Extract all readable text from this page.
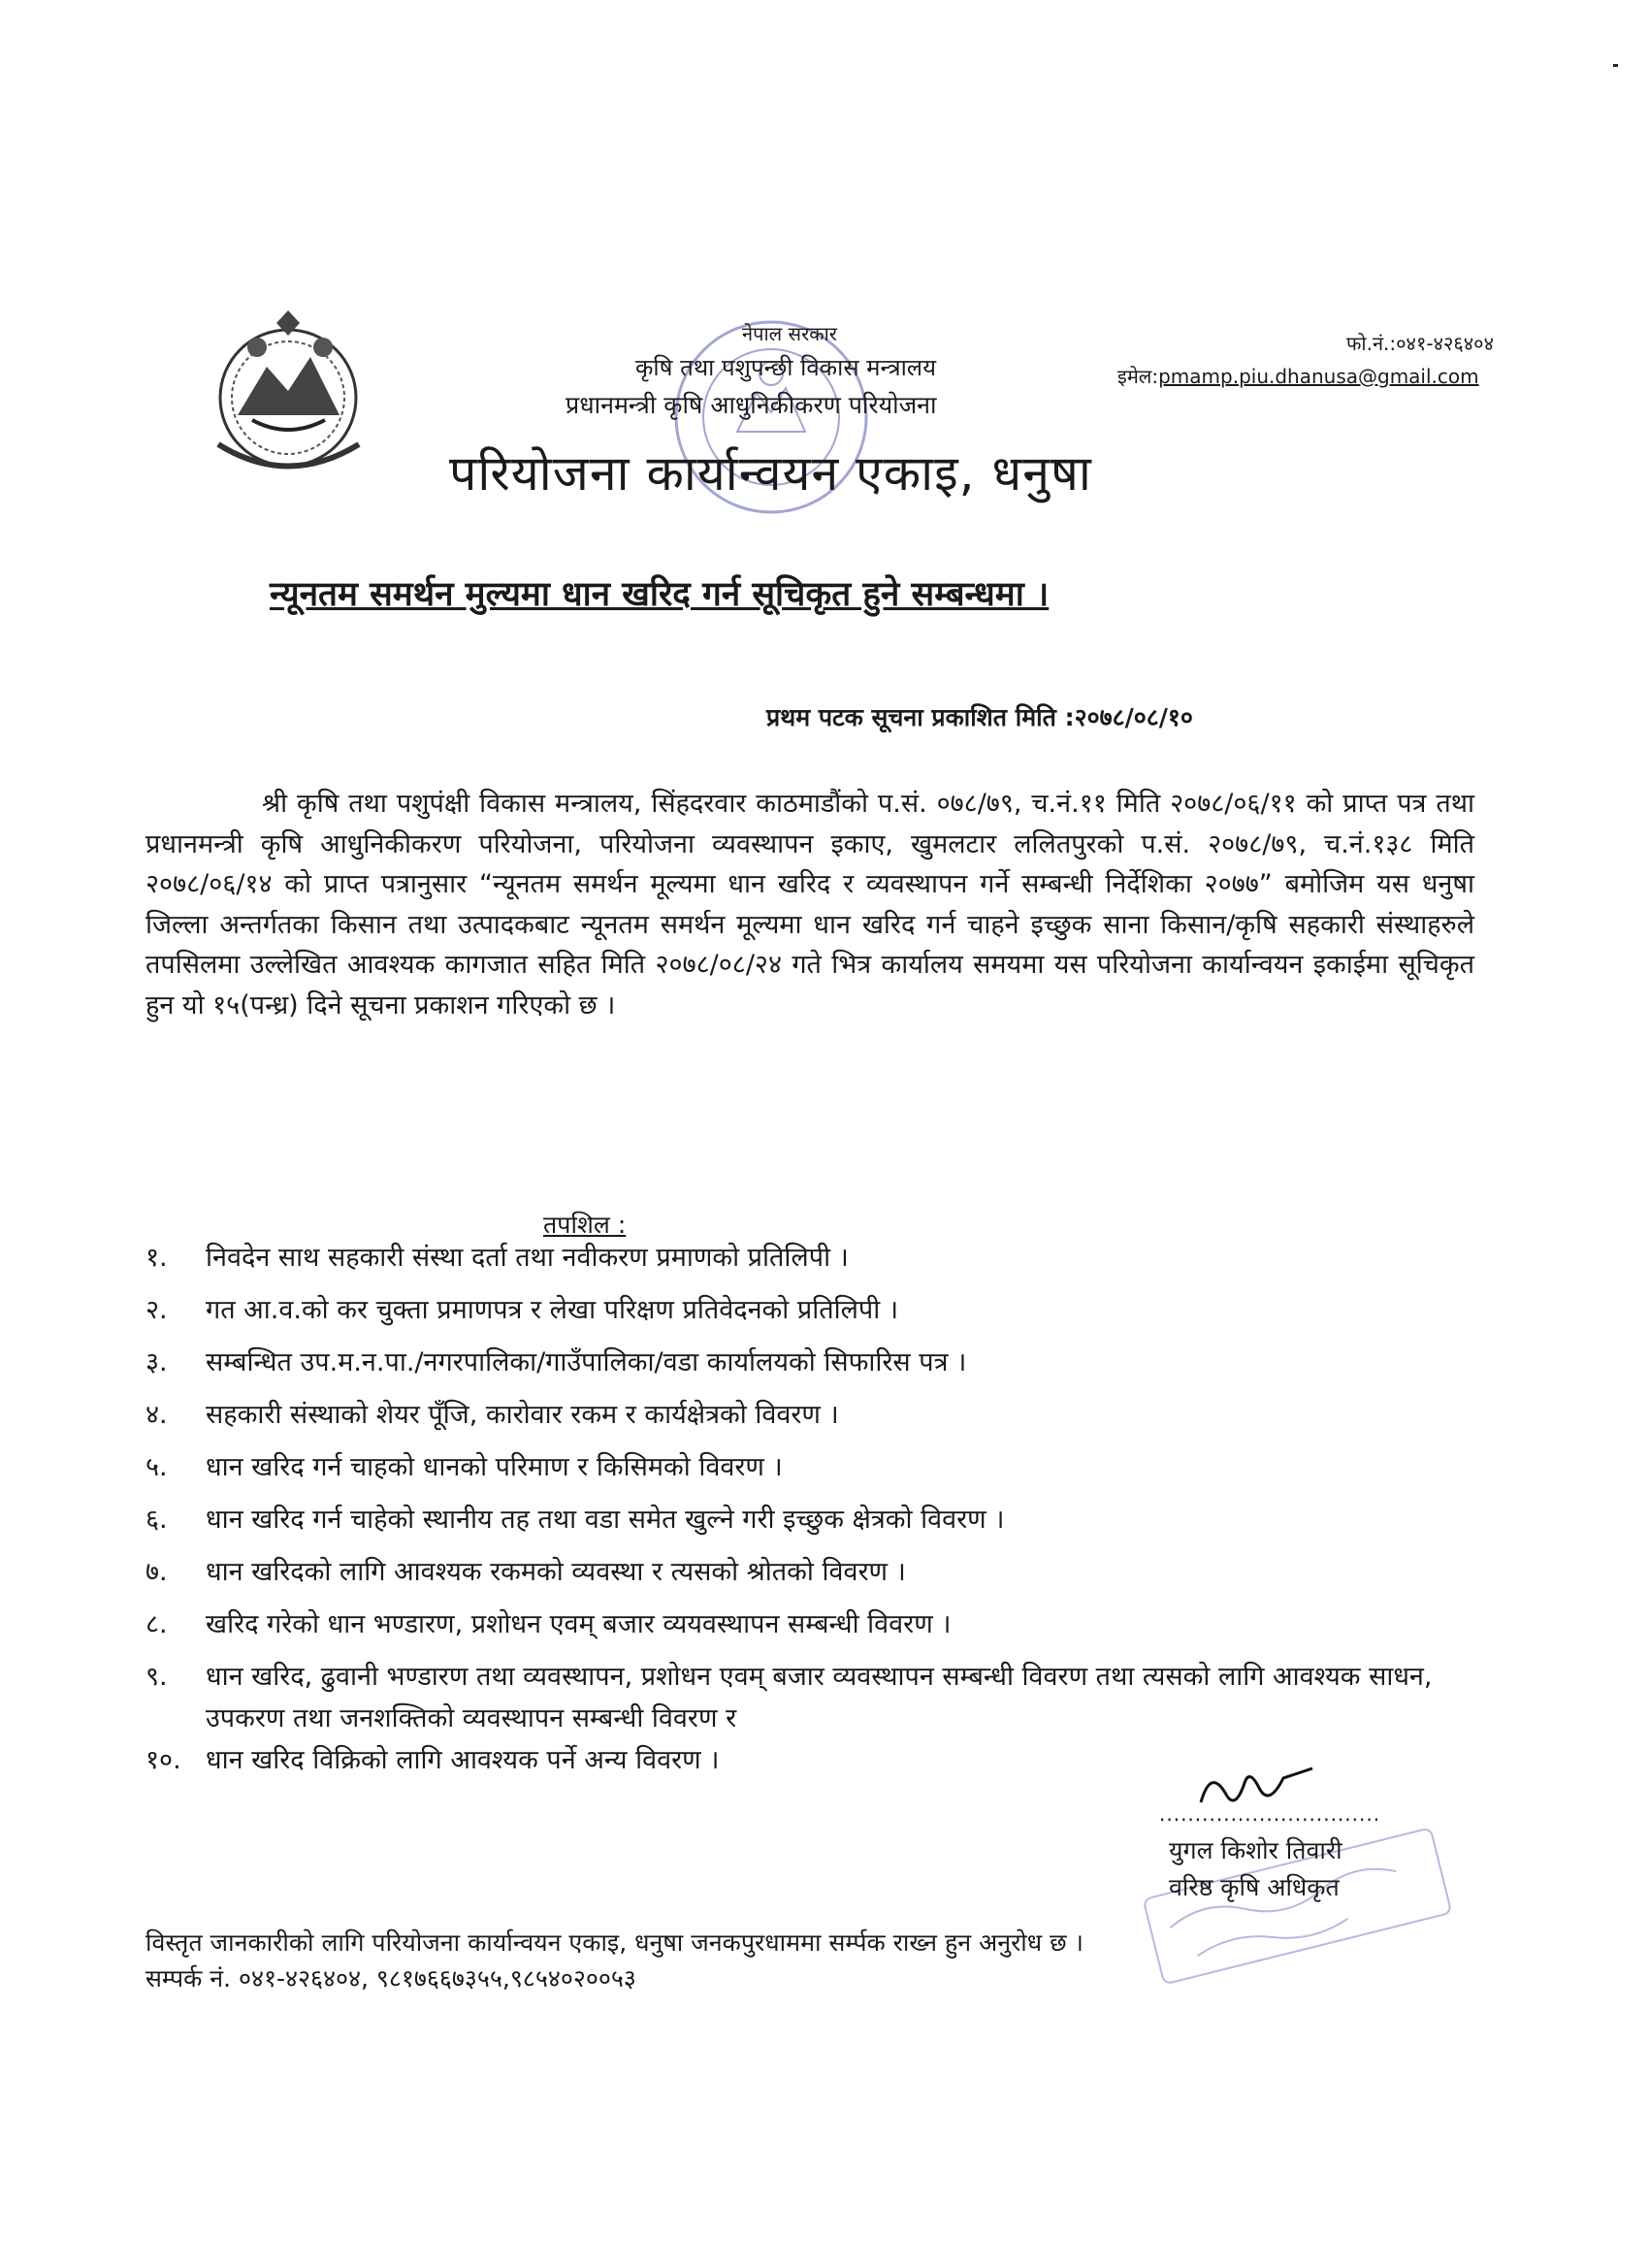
नेपाल सरकार
कृषि तथा पशुपन्छी विकास मन्त्रालय
प्रधानमन्त्री कृषि आधुनिकीकरण परियोजना
परियोजना कार्यान्वयन एकाइ, धनुषा
फो.नं.:०४१-४२६४०४
इमेल:pmamp.piu.dhanusa@gmail.com
न्यूनतम समर्थन मुल्यमा धान खरिद गर्न सूचिकृत हुने सम्बन्धमा ।
प्रथम पटक सूचना प्रकाशित मिति :२०७८/०८/१०
श्री कृषि तथा पशुपंक्षी विकास मन्त्रालय, सिंहदरवार काठमाडौंको प.सं. ०७८/७९, च.नं.११ मिति २०७८/०६/११ को प्राप्त पत्र तथा प्रधानमन्त्री कृषि आधुनिकीकरण परियोजना, परियोजना व्यवस्थापन इकाए, खुमलटार ललितपुरको प.सं. २०७८/७९, च.नं.१३८ मिति २०७८/०६/१४ को प्राप्त पत्रानुसार “न्यूनतम समर्थन मूल्यमा धान खरिद र व्यवस्थापन गर्ने सम्बन्धी निर्देशिका २०७७” बमोजिम यस धनुषा जिल्ला अन्तर्गतका किसान तथा उत्पादकबाट न्यूनतम समर्थन मूल्यमा धान खरिद गर्न चाहने इच्छुक साना किसान/कृषि सहकारी संस्थाहरुले तपसिलमा उल्लेखित आवश्यक कागजात सहित मिति २०७८/०८/२४ गते भित्र कार्यालय समयमा यस परियोजना कार्यान्वयन इकाईमा सूचिकृत हुन यो १५(पन्ध्र) दिने सूचना प्रकाशन गरिएको छ ।
तपशिल :
१.	निवदेन साथ सहकारी संस्था दर्ता तथा नवीकरण प्रमाणको प्रतिलिपी ।
२.	गत आ.व.को कर चुक्ता प्रमाणपत्र र लेखा परिक्षण प्रतिवेदनको प्रतिलिपी ।
३.	सम्बन्धित उप.म.न.पा./नगरपालिका/गाउँपालिका/वडा कार्यालयको सिफारिस पत्र ।
४.	सहकारी संस्थाको शेयर पूँजि, कारोवार रकम र कार्यक्षेत्रको विवरण ।
५.	धान खरिद गर्न चाहको धानको परिमाण र किसिमको विवरण ।
६.	धान खरिद गर्न चाहेको स्थानीय तह तथा वडा समेत खुल्ने गरी इच्छुक क्षेत्रको विवरण ।
७.	धान खरिदको लागि आवश्यक रकमको व्यवस्था र त्यसको श्रोतको विवरण ।
८.	खरिद गरेको धान भण्डारण, प्रशोधन एवम् बजार व्ययवस्थापन सम्बन्धी विवरण ।
९.	धान खरिद, ढुवानी भण्डारण तथा व्यवस्थापन, प्रशोधन एवम् बजार व्यवस्थापन सम्बन्धी विवरण तथा त्यसको लागि आवश्यक साधन, उपकरण तथा जनशक्तिको व्यवस्थापन सम्बन्धी विवरण र
१०. धान खरिद विक्रिको लागि आवश्यक पर्ने अन्य विवरण ।
...............................
युगल किशोर तिवारी
वरिष्ठ कृषि अधिकृत
विस्तृत जानकारीको लागि परियोजना कार्यान्वयन एकाइ, धनुषा जनकपुरधाममा सर्म्पक राख्न हुन अनुरोध छ ।
सम्पर्क नं. ०४१-४२६४०४, ९८१७६६७३५५,९८५४०२००५३
